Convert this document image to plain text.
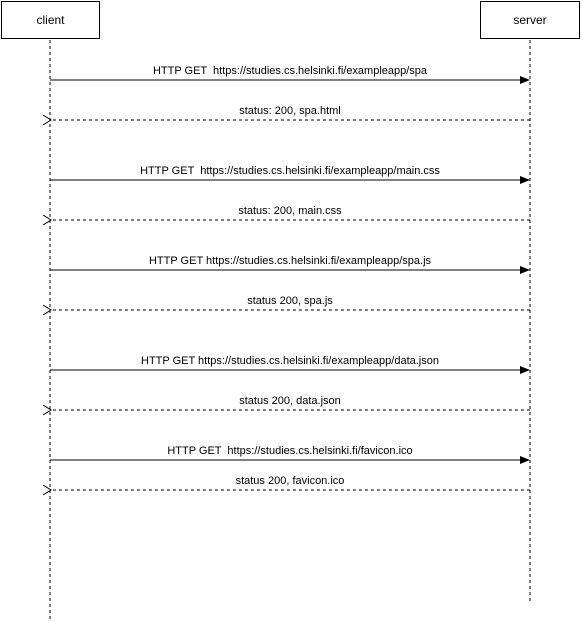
client	server
HTTP GET  https://studies.cs.helsinki.fi/exampleapp/spa
status: 200, spa.html
HTTP GET  https://studies.cs.helsinki.fi/exampleapp/main.css
status: 200, main.css
HTTP GET https://studies.cs.helsinki.fi/exampleapp/spa.js
status 200, spa.js
HTTP GET https://studies.cs.helsinki.fi/exampleapp/data.json
status 200, data.json
HTTP GET  https://studies.cs.helsinki.fi/favicon.ico
status 200, favicon.ico
